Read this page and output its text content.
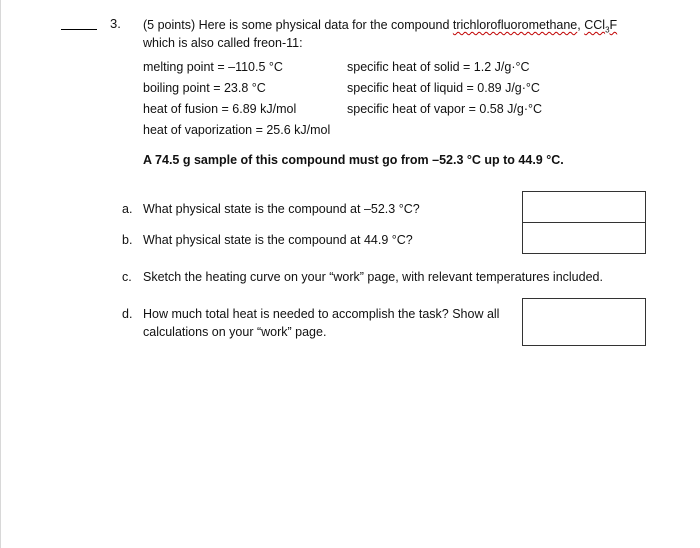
3. (5 points) Here is some physical data for the compound trichlorofluoromethane, CCl$_3$F
which is also called freon-11:
melting point = –110.5 °C
boiling point = 23.8 °C
heat of fusion = 6.89 kJ/mol
heat of vaporization = 25.6 kJ/mol
specific heat of solid = 1.2 J/g·°C
specific heat of liquid = 0.89 J/g·°C
specific heat of vapor = 0.58 J/g·°C
A 74.5 g sample of this compound must go from –52.3 °C up to 44.9 °C.
a. What physical state is the compound at –52.3 °C?
b. What physical state is the compound at 44.9 °C?
c. Sketch the heating curve on your “work” page, with relevant temperatures included.
d. How much total heat is needed to accomplish the task? Show all
calculations on your “work” page.
